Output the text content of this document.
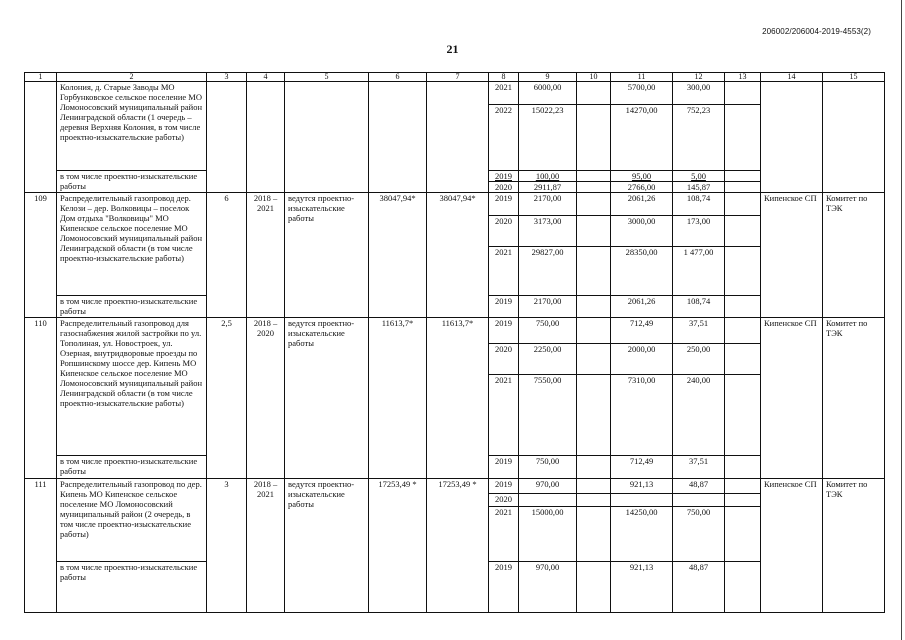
206002/206004-2019-4553(2)
21
1	2	3	4	5	6	7	8	9	10	11	12	13	14	15
	Колония, д. Старые Заводы МО Горбунковское сельское поселение МО Ломоносовский муниципальный район Ленинградской области (1 очередь – деревня Верхняя Колония, в том числе проектно-изыскательские работы)						2021	6000,00		5700,00	300,00			
							2022	15022,23		14270,00	752,23			
	в том числе проектно-изыскательские работы						2019	100,00		95,00	5,00			
							2020	2911,87		2766,00	145,87			
109	Распределительный газопровод дер. Келози – дер. Волковицы – поселок Дом отдыха "Волковицы" МО Кипенское сельское поселение МО Ломоносовский муниципальный район Ленинградской области (в том числе проектно-изыскательские работы)	6	2018 – 2021	ведутся проектно-изыскательские работы	38047,94*	38047,94*	2019	2170,00		2061,26	108,74		Кипенское СП	Комитет по ТЭК
							2020	3173,00		3000,00	173,00			
							2021	29827,00		28350,00	1 477,00			
	в том числе проектно-изыскательские работы						2019	2170,00		2061,26	108,74			
110	Распределительный газопровод для газоснабжения жилой застройки по ул. Тополиная, ул. Новостроек, ул. Озерная, внутридворовые проезды по Ропшинскому шоссе дер. Кипень МО Кипенское сельское поселение МО Ломоносовский муниципальный район Ленинградской области (в том числе проектно-изыскательские работы)	2,5	2018 – 2020	ведутся проектно-изыскательские работы	11613,7*	11613,7*	2019	750,00		712,49	37,51		Кипенское СП	Комитет по ТЭК
							2020	2250,00		2000,00	250,00			
							2021	7550,00		7310,00	240,00			
	в том числе проектно-изыскательские работы						2019	750,00		712,49	37,51			
111	Распределительный газопровод по дер. Кипень МО Кипенское сельское поселение МО Ломоносовский муниципальный район (2 очередь, в том числе проектно-изыскательские работы)	3	2018 – 2021	ведутся проектно-изыскательские работы	17253,49 *	17253,49 *	2019	970,00		921,13	48,87		Кипенское СП	Комитет по ТЭК
							2020							
							2021	15000,00		14250,00	750,00			
	в том числе проектно-изыскательские работы						2019	970,00		921,13	48,87			
